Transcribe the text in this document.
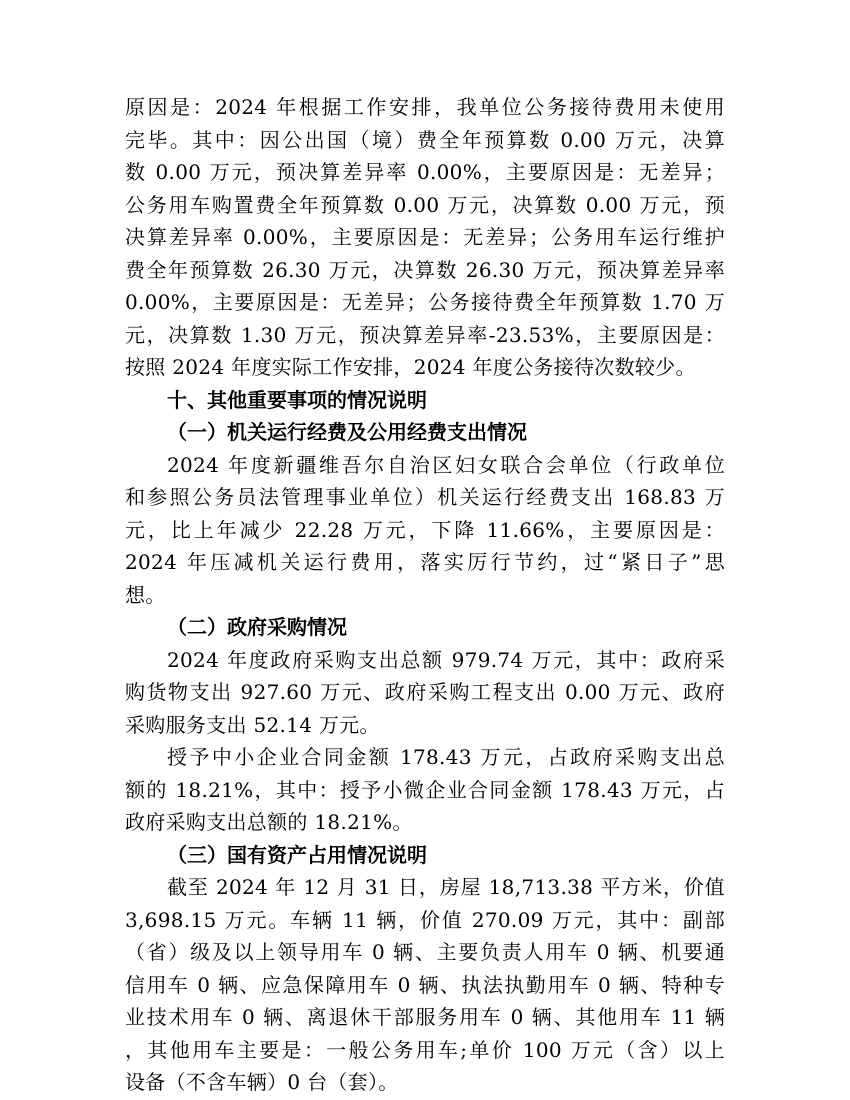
原因是：2024 年根据工作安排，我单位公务接待费用未使用
完毕。其中：因公出国（境）费全年预算数 0.00 万元，决算
数 0.00 万元，预决算差异率 0.00%，主要原因是：无差异；
公务用车购置费全年预算数 0.00 万元，决算数 0.00 万元，预
决算差异率 0.00%，主要原因是：无差异；公务用车运行维护
费全年预算数 26.30 万元，决算数 26.30 万元，预决算差异率
0.00%，主要原因是：无差异；公务接待费全年预算数 1.70 万
元，决算数 1.30 万元，预决算差异率-23.53%，主要原因是：
按照 2024 年度实际工作安排，2024 年度公务接待次数较少。
十、其他重要事项的情况说明
（一）机关运行经费及公用经费支出情况
2024 年度新疆维吾尔自治区妇女联合会单位（行政单位
和参照公务员法管理事业单位）机关运行经费支出 168.83 万
元，比上年减少 22.28 万元，下降 11.66%，主要原因是：
2024 年压减机关运行费用，落实厉行节约，过“紧日子”思
想。
（二）政府采购情况
2024 年度政府采购支出总额 979.74 万元，其中：政府采
购货物支出 927.60 万元、政府采购工程支出 0.00 万元、政府
采购服务支出 52.14 万元。
授予中小企业合同金额 178.43 万元，占政府采购支出总
额的 18.21%，其中：授予小微企业合同金额 178.43 万元，占
政府采购支出总额的 18.21%。
（三）国有资产占用情况说明
截至 2024 年 12 月 31 日，房屋 18,713.38 平方米，价值
3,698.15 万元。车辆 11 辆，价值 270.09 万元，其中：副部
（省）级及以上领导用车 0 辆、主要负责人用车 0 辆、机要通
信用车 0 辆、应急保障用车 0 辆、执法执勤用车 0 辆、特种专
业技术用车 0 辆、离退休干部服务用车 0 辆、其他用车 11 辆
，其他用车主要是：一般公务用车;单价 100 万元（含）以上
设备（不含车辆）0 台（套）。
